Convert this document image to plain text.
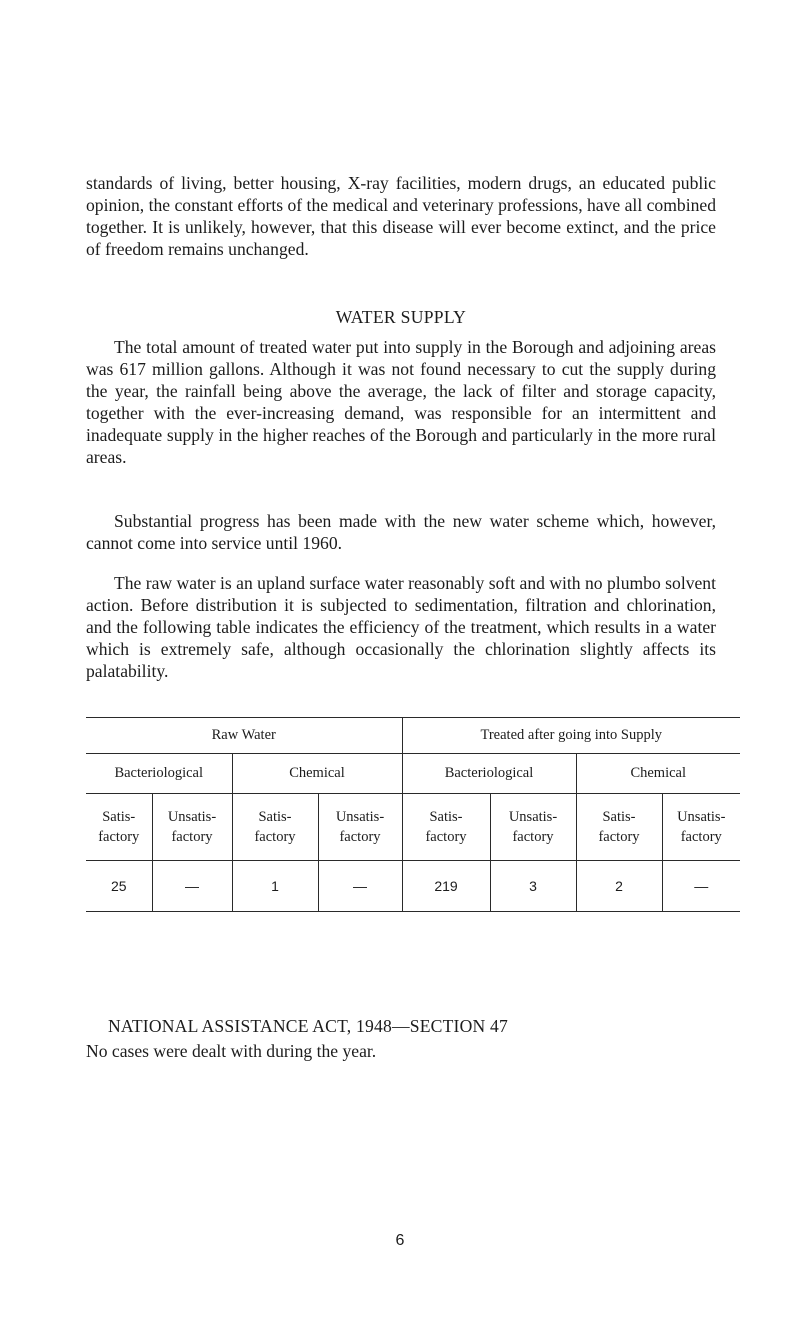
standards of living, better housing, X-ray facilities, modern drugs, an educated public opinion, the constant efforts of the medical and veterinary professions, have all combined together. It is unlikely, however, that this disease will ever become extinct, and the price of freedom remains unchanged.

WATER SUPPLY

The total amount of treated water put into supply in the Borough and adjoining areas was 617 million gallons. Although it was not found necessary to cut the supply during the year, the rainfall being above the average, the lack of filter and storage capacity, together with the ever-increasing demand, was responsible for an intermittent and inadequate supply in the higher reaches of the Borough and particularly in the more rural areas.

Substantial progress has been made with the new water scheme which, however, cannot come into service until 1960.

The raw water is an upland surface water reasonably soft and with no plumbo solvent action. Before distribution it is subjected to sedimentation, filtration and chlorination, and the following table indicates the efficiency of the treatment, which results in a water which is extremely safe, although occasionally the chlorination slightly affects its palatability.

Raw Water				Treated after going into Supply			
Bacteriological		Chemical		Bacteriological		Chemical	
Satis-
factory	Unsatis-
factory	Satis-
factory	Unsatis-
factory	Satis-
factory	Unsatis-
factory	Satis-
factory	Unsatis-
factory
25	—	1	—	219	3	2	—

NATIONAL ASSISTANCE ACT, 1948—SECTION 47

No cases were dealt with during the year.

6
